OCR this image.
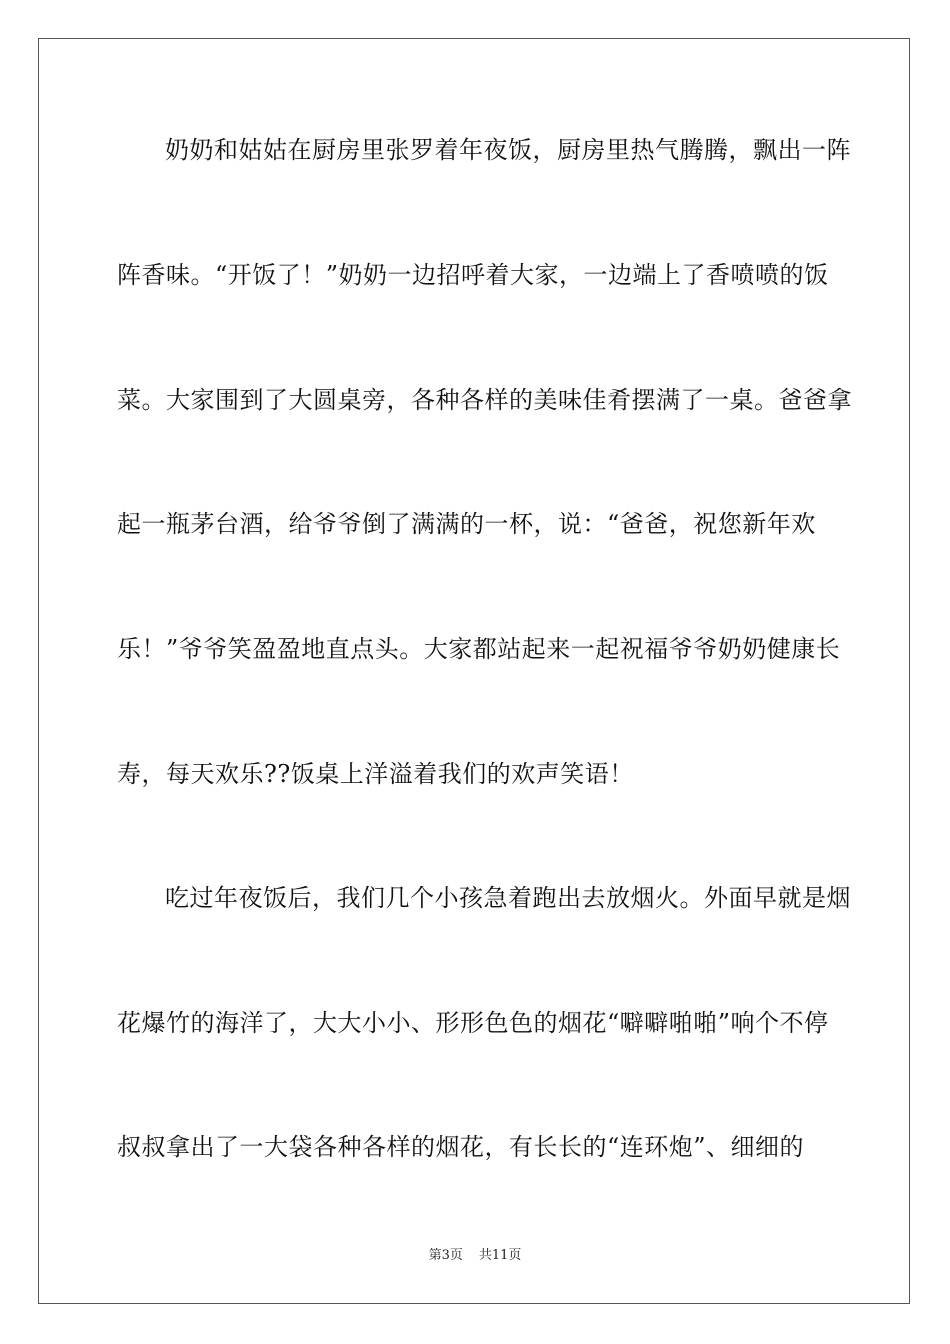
奶奶和姑姑在厨房里张罗着年夜饭，厨房里热气腾腾，飘出一阵
阵香味。“开饭了！”奶奶一边招呼着大家，一边端上了香喷喷的饭
菜。大家围到了大圆桌旁，各种各样的美味佳肴摆满了一桌。爸爸拿
起一瓶茅台酒，给爷爷倒了满满的一杯，说：“爸爸，祝您新年欢
乐！”爷爷笑盈盈地直点头。大家都站起来一起祝福爷爷奶奶健康长
寿，每天欢乐??饭桌上洋溢着我们的欢声笑语！
吃过年夜饭后，我们几个小孩急着跑出去放烟火。外面早就是烟
花爆竹的海洋了，大大小小、形形色色的烟花“噼噼啪啪”响个不停
叔叔拿出了一大袋各种各样的烟花，有长长的“连环炮”、细细的
第3页 共11页
